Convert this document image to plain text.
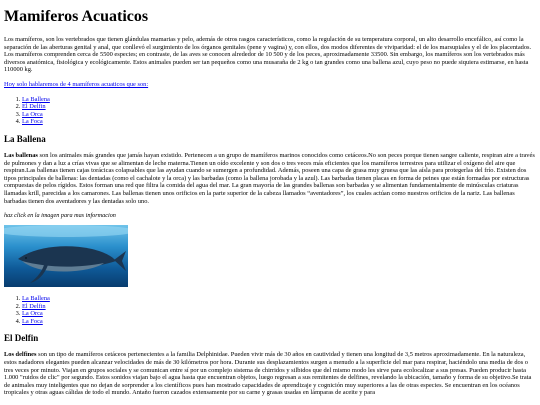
Mamiferos Acuaticos

Los mamíferos, son los vertebrados que tienen glándulas mamarias y pelo, además de otros rasgos característicos, como la regulación de su temperatura corporal, un alto desarrollo encefálico, así como la separación de las aberturas genital y anal, que conllevó el surgimiento de los órganos genitales (pene y vagina) y, con ellos, dos modos diferentes de viviparidad: el de los marsupiales y el de los placentados. Los mamíferos comprenden cerca de 5500 especies; en contraste, de las aves se conocen alrededor de 10 500 y de los peces, aproximadamente 33500. Sin embargo, los mamíferos son los vertebrados más diversos anatómica, fisiológica y ecológicamente. Estos animales pueden ser tan pequeños como una musaraña de 2 kg o tan grandes como una ballena azul, cuyo peso no puede siquiera estimarse, en hasta 110000 kg.

Hoy solo hablaremos de 4 mamíferos acuaticos que son:

1. La Ballena
2. El Delfin
3. La Orca
4. La Foca
La Ballena

Las ballenas son los animales más grandes que jamás hayan existido. Pertenecen a un grupo de mamíferos marinos conocidos como cetáceos.No son peces porque tienen sangre caliente, respiran aire a través de pulmones y dan a luz a crías vivas que se alimentan de leche materna.Tienen un oído excelente y son dos o tres veces más eficientes que los mamíferos terrestres para utilizar el oxígeno del aire que respiran.Las ballenas tienen cajas torácicas colapsables que las ayudan cuando se sumergen a profundidad. Además, poseen una capa de grasa muy gruesa que las aísla para protegerlas del frío. Existen dos tipos principales de ballenas: las dentadas (como el cachalote y la orca) y las barbadas (como la ballena jorobada y la azul). Las barbadas tienen placas en forma de peines que están formadas por estructuras compuestas de pelos rígidos. Estos forman una red que filtra la comida del agua del mar. La gran mayoría de las grandes ballenas son barbadas y se alimentan fundamentalmente de minúsculas criaturas llamadas krill, parecidas a los camarones. Las ballenas tienen unos orificios en la parte superior de la cabeza llamados “aventadores”, los cuales actúan como nuestros orificios de la nariz. Las ballenas barbadas tienen dos aventadores y las dentadas solo uno.

haz click en la imagen para mas informacion

1. La Ballena
2. El Delfin
3. La Orca
4. La Foca
El Delfin

Los delfines son un tipo de mamíferos cetáceos pertenecientes a la familia Delphinidae. Pueden vivir más de 30 años en cautividad y tienen una longitud de 3,5 metros aproximadamente. En la naturaleza, estos nadadores elegantes pueden alcanzar velocidades de más de 30 kilómetros por hora. Durante sus desplazamientos surgen a menudo a la superficie del mar para respirar, haciéndolo una media de dos o tres veces por minuto. Viajan en grupos sociales y se comunican entre sí por un complejo sistema de chirridos y silbidos que del mismo modo les sirve para ecolocalizar a sus presas. Pueden producir hasta 1.000 "ruidos de clic" por segundo. Estos sonidos viajan bajo el agua hasta que encuentran objetos, luego regresan a sus remitentes de delfines, revelando la ubicación, tamaño y forma de su objetivo.Se trata de animales muy inteligentes que no dejan de sorprender a los científicos pues han mostrado capacidades de aprendizaje y cognición muy superiores a las de otras especies. Se encuentran en los océanos tropicales y otras aguas cálidas de todo el mundo. Antaño fueron cazados extensamente por su carne y grasas usadas en lámparas de aceite y para
